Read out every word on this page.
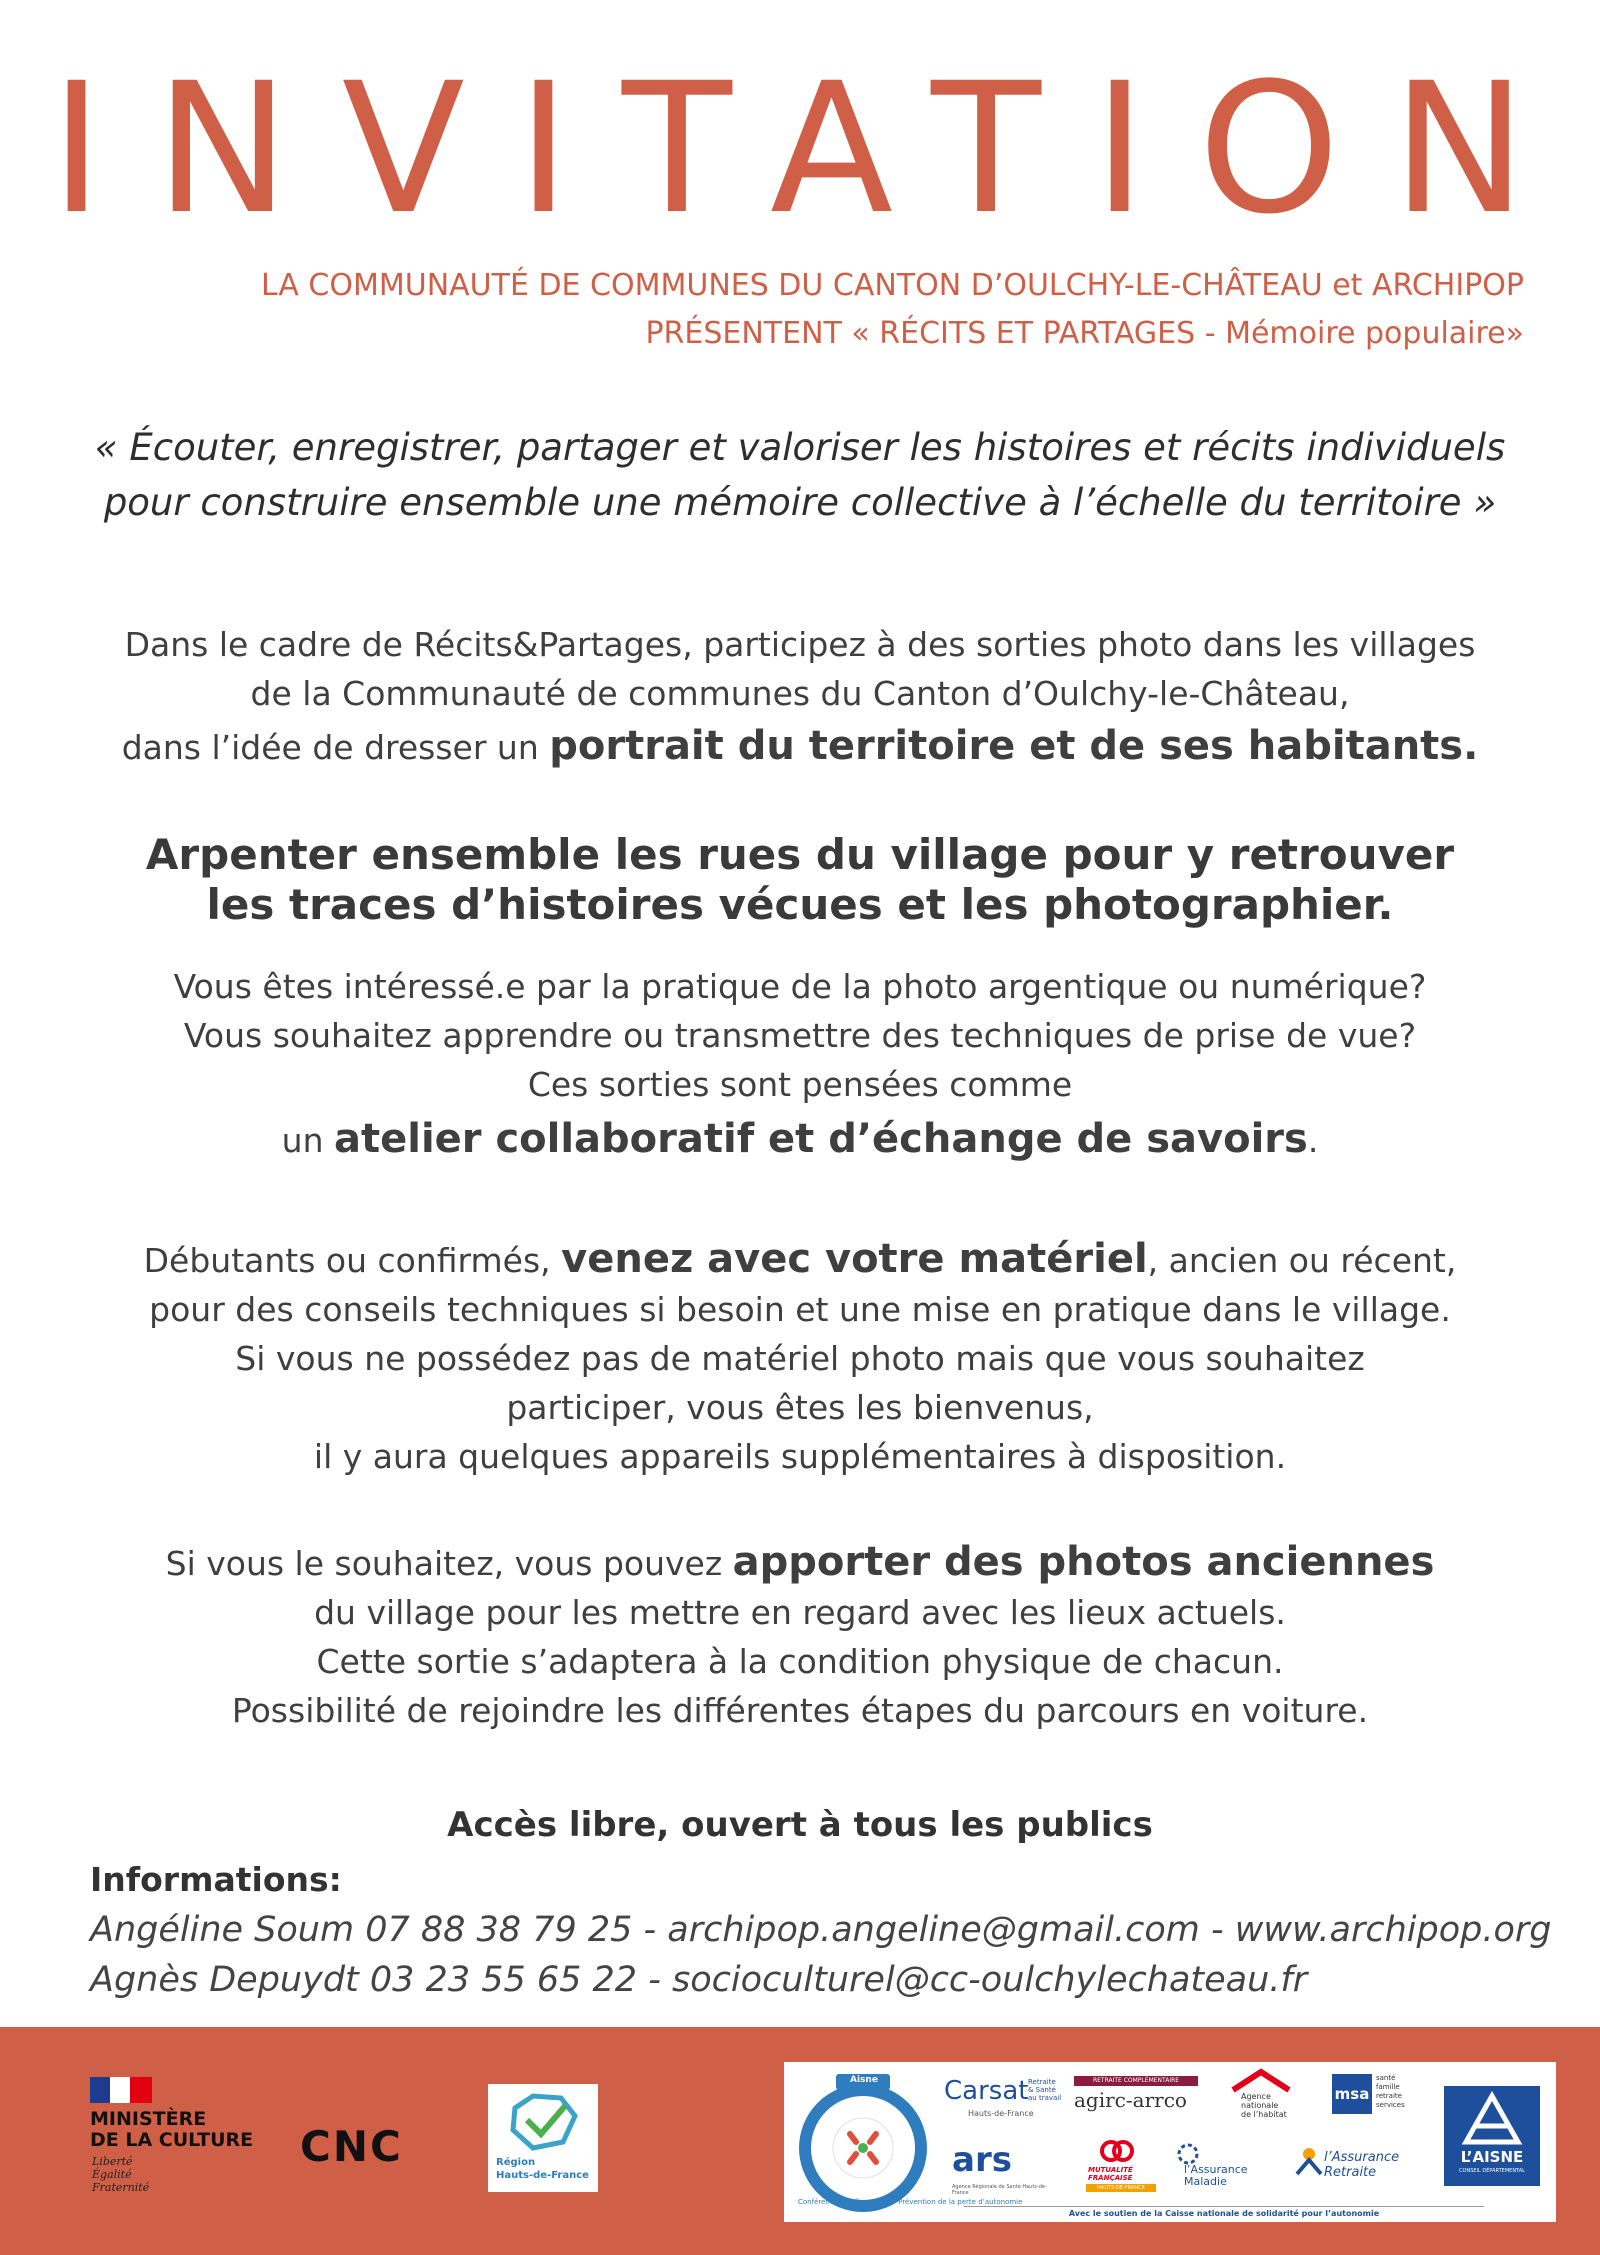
INVITATION
LA COMMUNAUTÉ DE COMMUNES DU CANTON D’OULCHY-LE-CHÂTEAU et ARCHIPOP
PRÉSENTENT « RÉCITS ET PARTAGES - Mémoire populaire»
« Écouter, enregistrer, partager et valoriser les histoires et récits individuels
pour construire ensemble une mémoire collective à l’échelle du territoire »
Dans le cadre de Récits&Partages, participez à des sorties photo dans les villages
de la Communauté de communes du Canton d’Oulchy-le-Château,
dans l’idée de dresser un portrait du territoire et de ses habitants.
Arpenter ensemble les rues du village pour y retrouver
les traces d’histoires vécues et les photographier.
Vous êtes intéressé.e par la pratique de la photo argentique ou numérique?
Vous souhaitez apprendre ou transmettre des techniques de prise de vue?
Ces sorties sont pensées comme
un atelier collaboratif et d’échange de savoirs.
Débutants ou confirmés, venez avec votre matériel, ancien ou récent,
pour des conseils techniques si besoin et une mise en pratique dans le village.
Si vous ne possédez pas de matériel photo mais que vous souhaitez
participer, vous êtes les bienvenus,
il y aura quelques appareils supplémentaires à disposition.
Si vous le souhaitez, vous pouvez apporter des photos anciennes
du village pour les mettre en regard avec les lieux actuels.
Cette sortie s’adaptera à la condition physique de chacun.
Possibilité de rejoindre les différentes étapes du parcours en voiture.
Accès libre, ouvert à tous les publics
Informations:
Angéline Soum 07 88 38 79 25 - archipop.angeline@gmail.com - www.archipop.org
Agnès Depuydt 03 23 55 65 22 - socioculturel@cc-oulchylechateau.fr
MINISTÈRE
DE LA CULTURE
Liberté
Égalité
Fraternité
CNC	Région
Hauts-de-France
Aisne
Conférence des financeurs · Prévention de la perte d’autonomie
Carsat Retraite
& Santé
au travail
Hauts-de-France
RETRAITE COMPLÉMENTAIRE
agirc-arrco	Agence
nationale
de l’habitat
msa
santé
famille
retraite
services
ars
Agence Régionale de Santé Hauts-de-France
MUTUALITÉ
FRANÇAISE
HAUTS-DE-FRANCE
l’Assurance
Maladie
l’Assurance
Retraite
L’AISNE
CONSEIL DÉPARTEMENTAL
Avec le soutien de la Caisse nationale de solidarité pour l’autonomie
